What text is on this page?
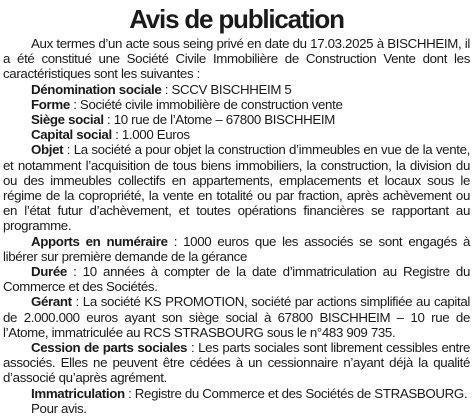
Avis de publication

Aux termes d’un acte sous seing privé en date du 17.03.2025 à BISCHHEIM, il a été constitué une Société Civile Immobilière de Construction Vente dont les caractéristiques sont les suivantes :

Dénomination sociale : SCCV BISCHHEIM 5

Forme : Société civile immobilière de construction vente

Siège social : 10 rue de l’Atome – 67800 BISCHHEIM

Capital social : 1.000 Euros

Objet : La société a pour objet la construction d’immeubles en vue de la vente, et notamment l’acquisition de tous biens immobiliers, la construction, la division du ou des immeubles collectifs en appartements, emplacements et locaux sous le régime de la copropriété, la vente en totalité ou par fraction, après achèvement ou en l’état futur d’achèvement, et toutes opérations financières se rapportant au programme.

Apports en numéraire : 1000 euros que les associés se sont engagés à libérer sur première demande de la gérance

Durée : 10 années à compter de la date d’immatriculation au Registre du Commerce et des Sociétés.

Gérant : La société KS PROMOTION, société par actions simplifiée au capital de 2.000.000 euros ayant son siège social à 67800 BISCHHEIM – 10 rue de l’Atome, immatriculée au RCS STRASBOURG sous le n°483 909 735.

Cession de parts sociales : Les parts sociales sont librement cessibles entre associés. Elles ne peuvent être cédées à un cessionnaire n’ayant déjà la qualité d’associé qu’après agrément.

Immatriculation : Registre du Commerce et des Sociétés de STRASBOURG.

Pour avis.
